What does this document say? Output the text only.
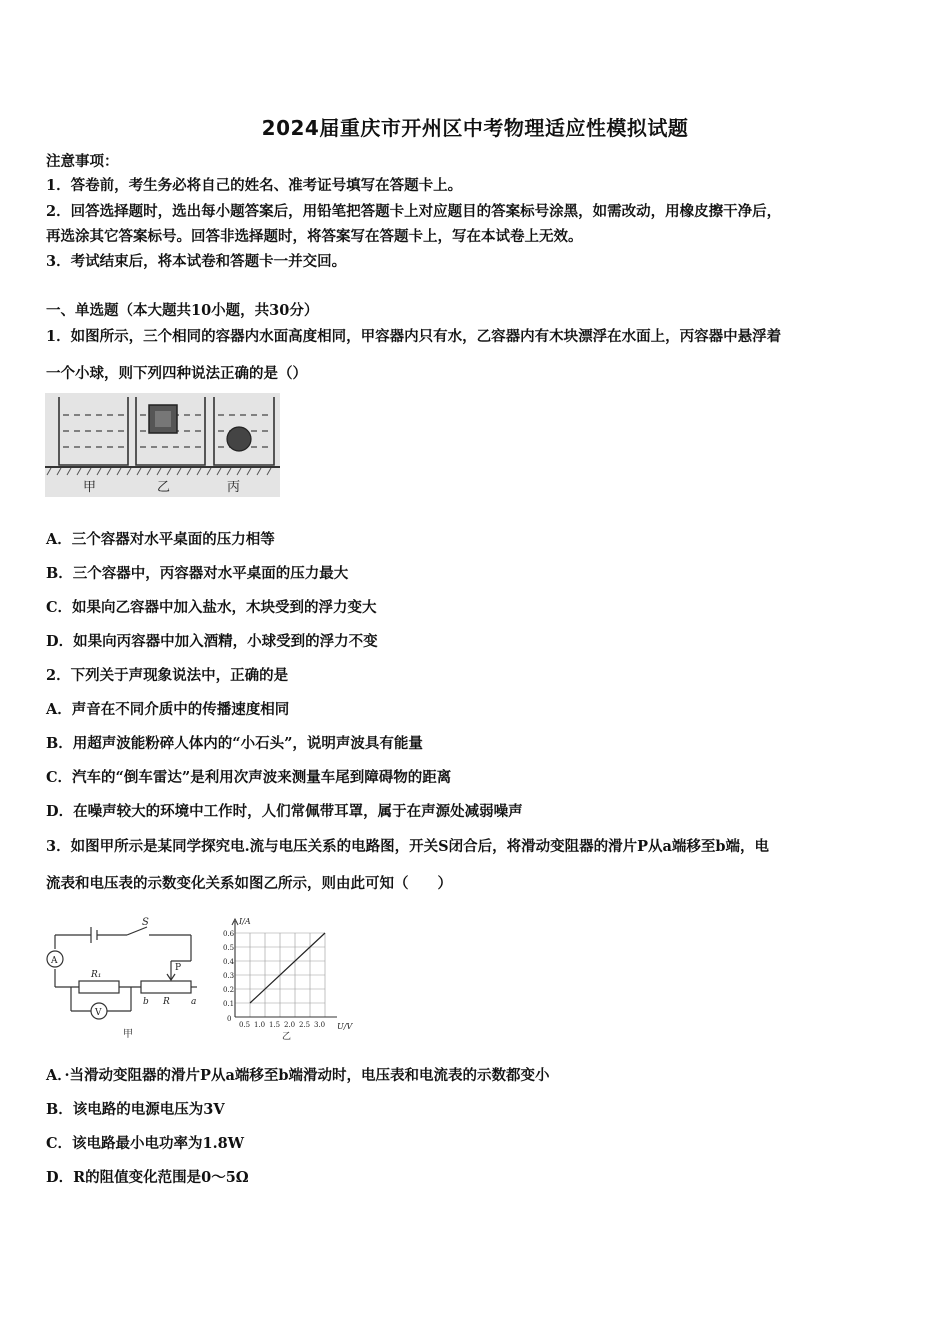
2024届重庆市开州区中考物理适应性模拟试题
注意事项：
1．答卷前，考生务必将自己的姓名、准考证号填写在答题卡上。
2．回答选择题时，选出每小题答案后，用铅笔把答题卡上对应题目的答案标号涂黑，如需改动，用橡皮擦干净后，
再选涂其它答案标号。回答非选择题时，将答案写在答题卡上，写在本试卷上无效。
3．考试结束后，将本试卷和答题卡一并交回。
一、单选题（本大题共10小题，共30分）
1．如图所示，三个相同的容器内水面高度相同，甲容器内只有水，乙容器内有木块漂浮在水面上，丙容器中悬浮着
一个小球，则下列四种说法正确的是（）
甲	乙	丙
A．三个容器对水平桌面的压力相等
B．三个容器中，丙容器对水平桌面的压力最大
C．如果向乙容器中加入盐水，木块受到的浮力变大
D．如果向丙容器中加入酒精，小球受到的浮力不变
2．下列关于声现象说法中，正确的是
A．声音在不同介质中的传播速度相同
B．用超声波能粉碎人体内的“小石头”，说明声波具有能量
C．汽车的“倒车雷达”是利用次声波来测量车尾到障碍物的距离
D．在噪声较大的环境中工作时，人们常佩带耳罩，属于在声源处减弱噪声
3．如图甲所示是某同学探究电.流与电压关系的电路图，开关S闭合后，将滑动变阻器的滑片P从a端移至b端，电
流表和电压表的示数变化关系如图乙所示，则由此可知（　　）
S
A
V
R₁
P
R a
b
甲
I/A
U/V
0.6
0.5
0.4
0.3
0.2
0.1
0
0.5 1.0 1.5 2.0 2.5 3.0
乙
A．·当滑动变阻器的滑片P从a端移至b端滑动时，电压表和电流表的示数都变小
B．该电路的电源电压为3V
C．该电路最小电功率为1.8W
D．R的阻值变化范围是0～5Ω
